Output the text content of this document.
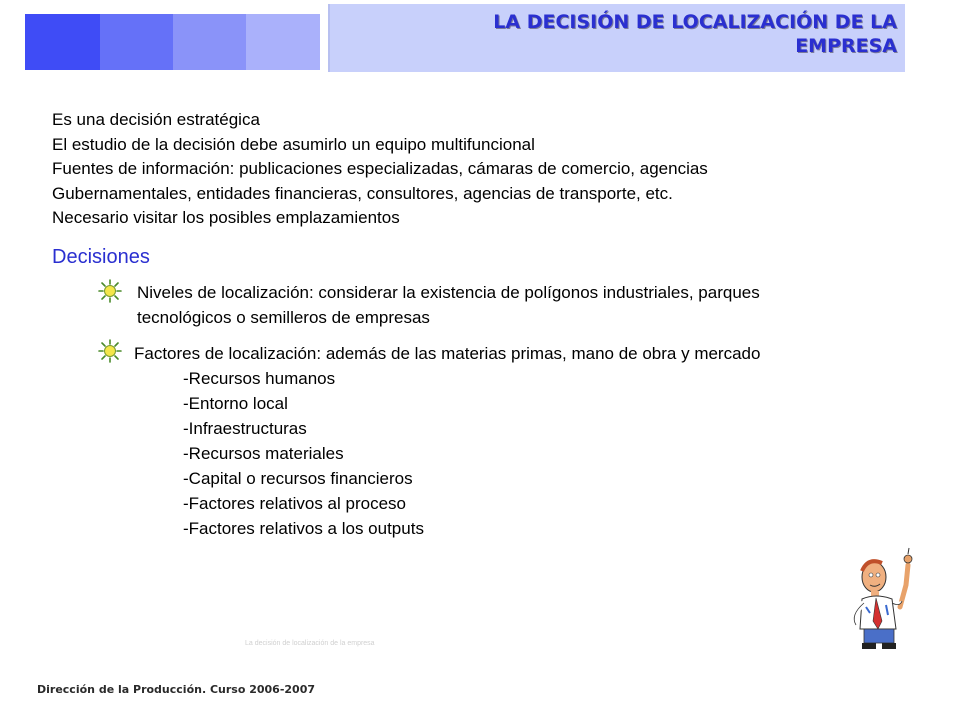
LA DECISIÓN DE LOCALIZACIÓN DE LA
EMPRESA
Es una decisión estratégica
El estudio de la decisión debe asumirlo un equipo multifuncional
Fuentes de información: publicaciones especializadas, cámaras de comercio, agencias
Gubernamentales, entidades financieras, consultores, agencias de transporte, etc.
Necesario visitar los posibles emplazamientos
Decisiones
Niveles de localización: considerar la existencia de polígonos industriales, parques
tecnológicos o semilleros de empresas
Factores de localización: además de las materias primas, mano de obra y mercado
-Recursos humanos
-Entorno local
-Infraestructuras
-Recursos materiales
-Capital o recursos financieros
-Factores relativos al proceso
-Factores relativos a los outputs
La decisión de localización de la empresa
Dirección de la Producción. Curso 2006-2007
